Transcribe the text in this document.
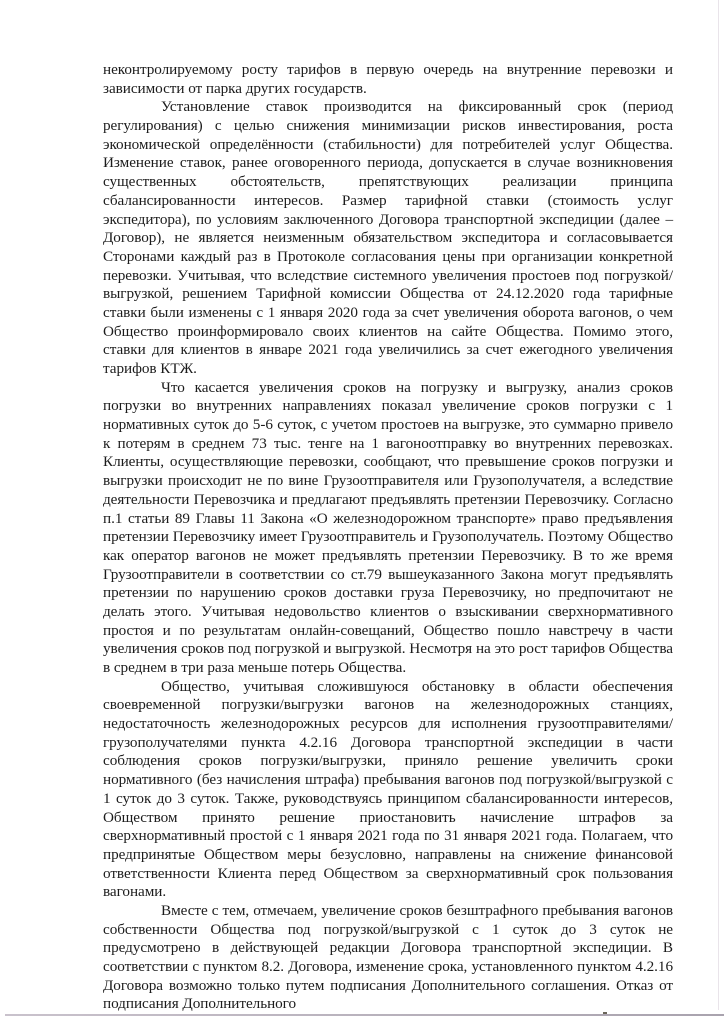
неконтролируемому росту тарифов в первую очередь на внутренние перевозки и зависимости от парка других государств.

Установление ставок производится на фиксированный срок (период регулирования) с целью снижения минимизации рисков инвестирования, роста экономической определённости (стабильности) для потребителей услуг Общества. Изменение ставок, ранее оговоренного периода, допускается в случае возникновения существенных обстоятельств, препятствующих реализации принципа сбалансированности интересов. Размер тарифной ставки (стоимость услуг экспедитора), по условиям заключенного Договора транспортной экспедиции (далее – Договор), не является неизменным обязательством экспедитора и согласовывается Сторонами каждый раз в Протоколе согласования цены при организации конкретной перевозки. Учитывая, что вследствие системного увеличения простоев под погрузкой/выгрузкой, решением Тарифной комиссии Общества от 24.12.2020 года тарифные ставки были изменены с 1 января 2020 года за счет увеличения оборота вагонов, о чем Общество проинформировало своих клиентов на сайте Общества. Помимо этого, ставки для клиентов в январе 2021 года увеличились за счет ежегодного увеличения тарифов КТЖ.

Что касается увеличения сроков на погрузку и выгрузку, анализ сроков погрузки во внутренних направлениях показал увеличение сроков погрузки с 1 нормативных суток до 5-6 суток, с учетом простоев на выгрузке, это суммарно привело к потерям в среднем 73 тыс. тенге на 1 вагоноотправку во внутренних перевозках. Клиенты, осуществляющие перевозки, сообщают, что превышение сроков погрузки и выгрузки происходит не по вине Грузоотправителя или Грузополучателя, а вследствие деятельности Перевозчика и предлагают предъявлять претензии Перевозчику. Согласно п.1 статьи 89 Главы 11 Закона «О железнодорожном транспорте» право предъявления претензии Перевозчику имеет Грузоотправитель и Грузополучатель. Поэтому Общество как оператор вагонов не может предъявлять претензии Перевозчику. В то же время Грузоотправители в соответствии со ст.79 вышеуказанного Закона могут предъявлять претензии по нарушению сроков доставки груза Перевозчику, но предпочитают не делать этого. Учитывая недовольство клиентов о взыскивании сверхнормативного простоя и по результатам онлайн-совещаний, Общество пошло навстречу в части увеличения сроков под погрузкой и выгрузкой. Несмотря на это рост тарифов Общества в среднем в три раза меньше потерь Общества.

Общество, учитывая сложившуюся обстановку в области обеспечения своевременной погрузки/выгрузки вагонов на железнодорожных станциях, недостаточность железнодорожных ресурсов для исполнения грузоотправителями/грузополучателями пункта 4.2.16 Договора транспортной экспедиции в части соблюдения сроков погрузки/выгрузки, приняло решение увеличить сроки нормативного (без начисления штрафа) пребывания вагонов под погрузкой/выгрузкой с 1 суток до 3 суток. Также, руководствуясь принципом сбалансированности интересов, Обществом принято решение приостановить начисление штрафов за сверхнормативный простой с 1 января 2021 года по 31 января 2021 года. Полагаем, что предпринятые Обществом меры безусловно, направлены на снижение финансовой ответственности Клиента перед Обществом за сверхнормативный срок пользования вагонами.

Вместе с тем, отмечаем, увеличение сроков безштрафного пребывания вагонов собственности Общества под погрузкой/выгрузкой с 1 суток до 3 суток не предусмотрено в действующей редакции Договора транспортной экспедиции. В соответствии с пунктом 8.2. Договора, изменение срока, установленного пунктом 4.2.16 Договора возможно только путем подписания Дополнительного соглашения. Отказ от подписания Дополнительного
